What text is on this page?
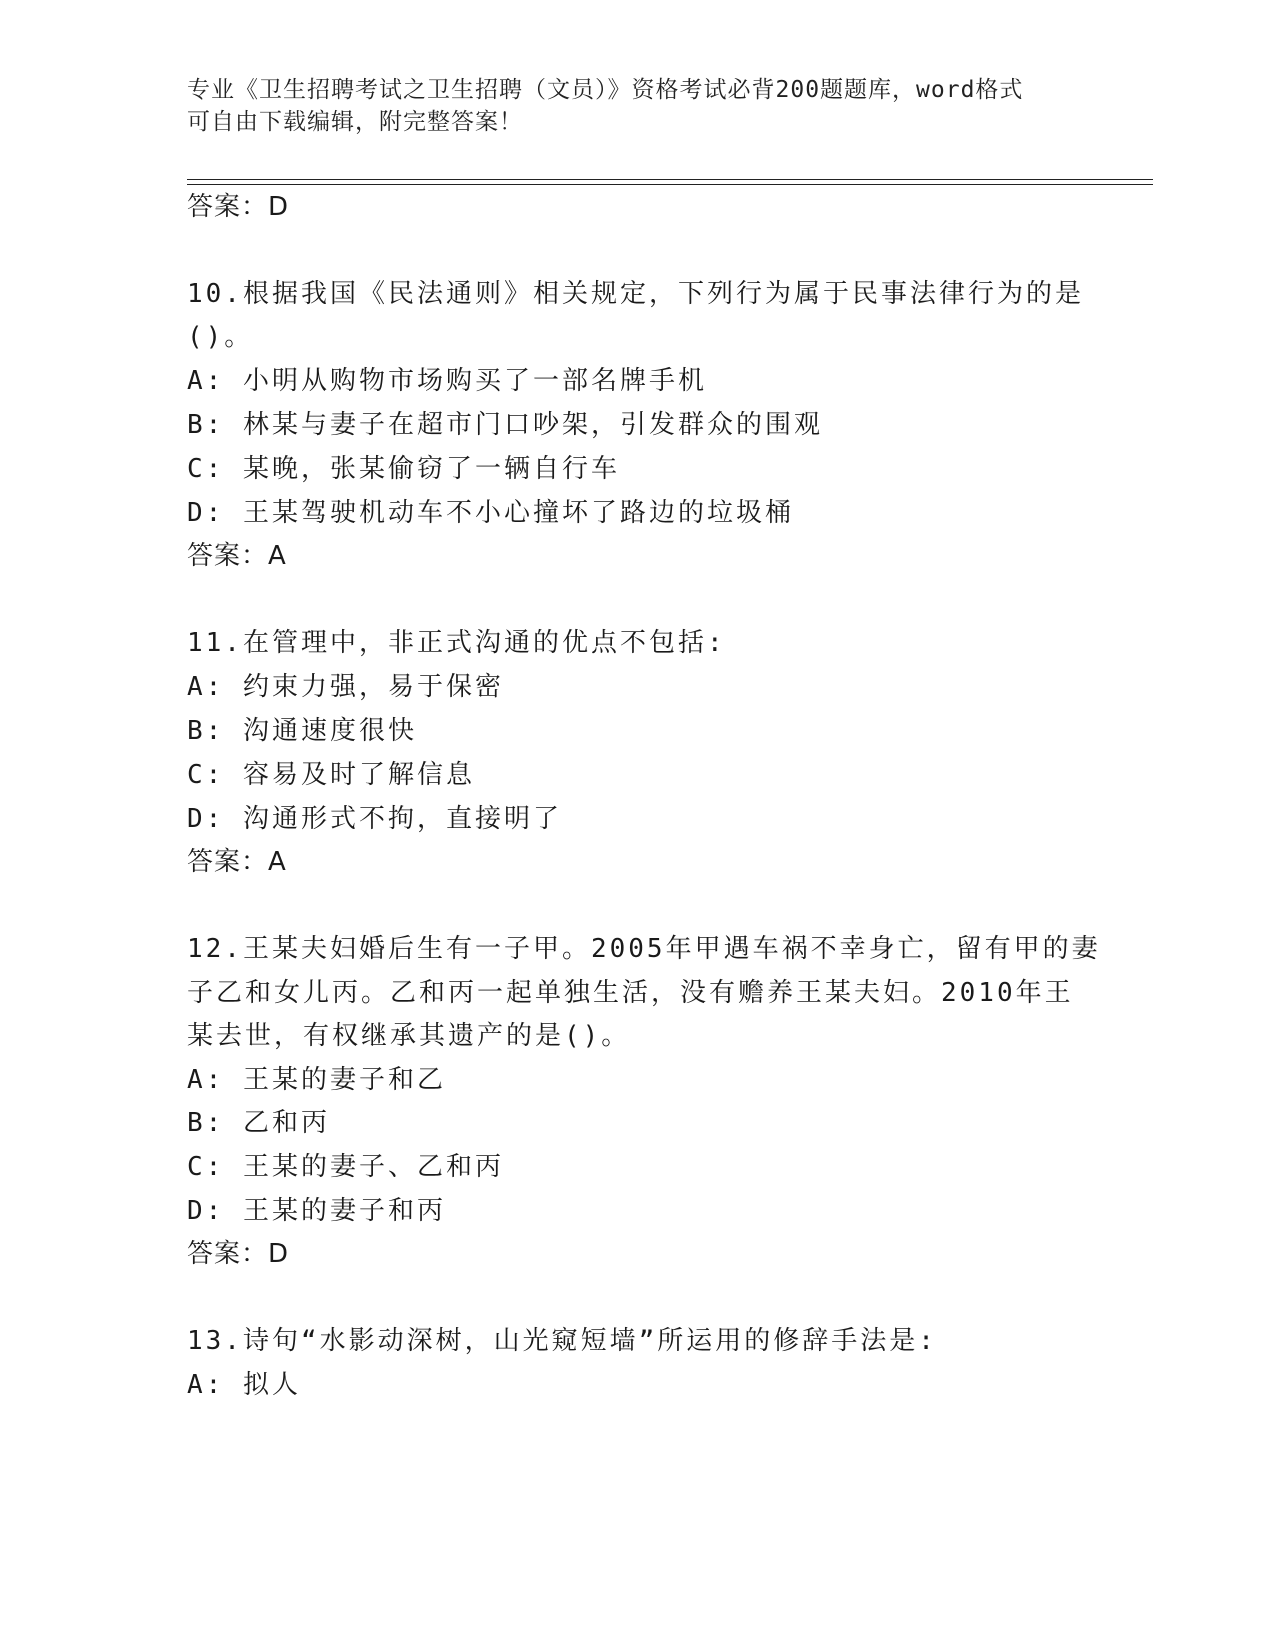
专业《卫生招聘考试之卫生招聘（文员）》资格考试必背200题题库，word格式
可自由下载编辑，附完整答案！
答案：D
10.根据我国《民法通则》相关规定，下列行为属于民事法律行为的是
()。
A: 小明从购物市场购买了一部名牌手机
B: 林某与妻子在超市门口吵架，引发群众的围观
C: 某晚，张某偷窃了一辆自行车
D: 王某驾驶机动车不小心撞坏了路边的垃圾桶
答案：A
11.在管理中，非正式沟通的优点不包括:
A: 约束力强，易于保密
B: 沟通速度很快
C: 容易及时了解信息
D: 沟通形式不拘，直接明了
答案：A
12.王某夫妇婚后生有一子甲。2005年甲遇车祸不幸身亡，留有甲的妻
子乙和女儿丙。乙和丙一起单独生活，没有赡养王某夫妇。2010年王
某去世，有权继承其遗产的是()。
A: 王某的妻子和乙
B: 乙和丙
C: 王某的妻子、乙和丙
D: 王某的妻子和丙
答案：D
13.诗句“水影动深树，山光窥短墙”所运用的修辞手法是:
A: 拟人
